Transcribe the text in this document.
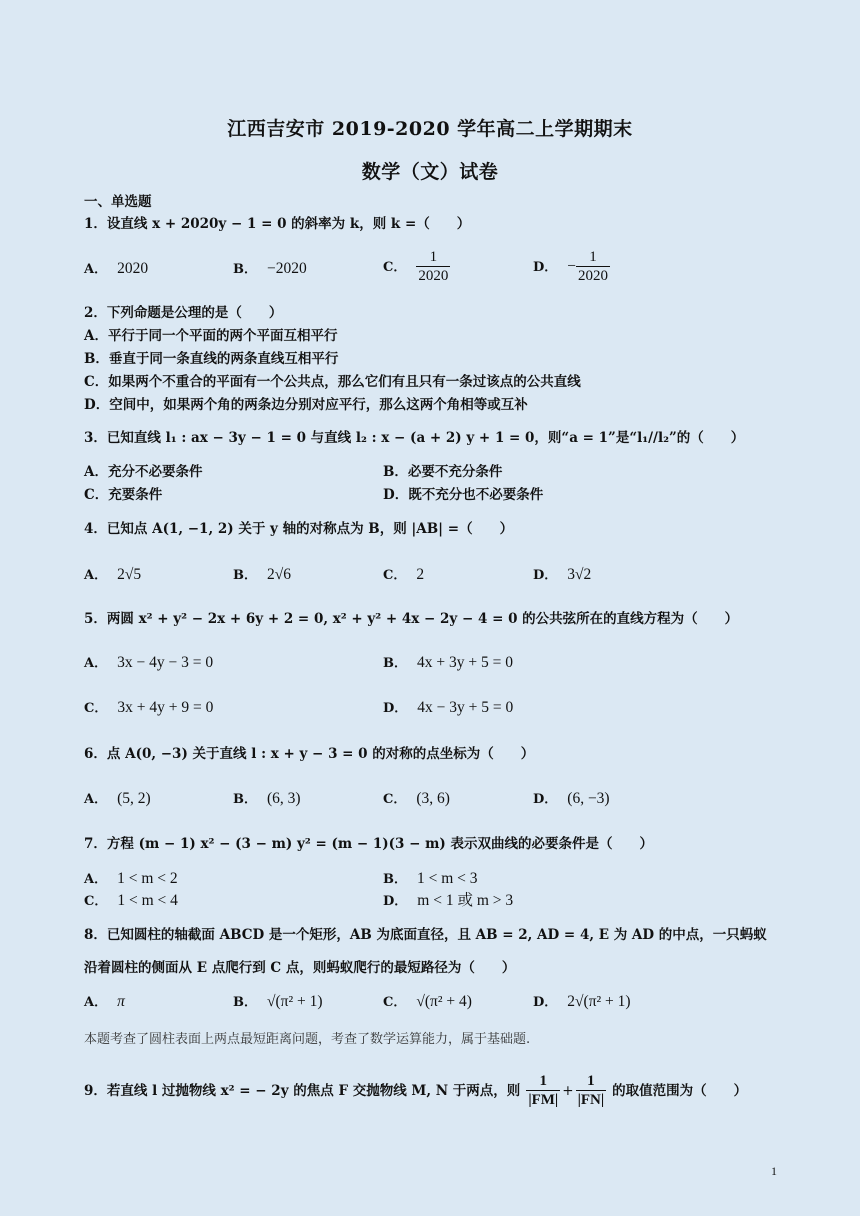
江西吉安市 2019-2020 学年高二上学期期末
数学（文）试卷
一、单选题
1．设直线 x + 2020y − 1 = 0 的斜率为 k，则 k =（　　）
A． 2020	B． −2020	C． $\frac{1}{2020}$	D． − $\frac{1}{2020}$
2．下列命题是公理的是（　　）
A．平行于同一个平面的两个平面互相平行
B．垂直于同一条直线的两条直线互相平行
C．如果两个不重合的平面有一个公共点，那么它们有且只有一条过该点的公共直线
D．空间中，如果两个角的两条边分别对应平行，那么这两个角相等或互补
3．已知直线 l₁ : ax − 3y − 1 = 0 与直线 l₂ : x − (a + 2) y + 1 = 0，则“a = 1”是“l₁//l₂”的（　　）
A．充分不必要条件	B．必要不充分条件
C．充要条件	D．既不充分也不必要条件
4．已知点 A(1, −1, 2) 关于 y 轴的对称点为 B，则 |AB| =（　　）
A． 2√5	B． 2√6	C． 2	D． 3√2
5．两圆 x² + y² − 2x + 6y + 2 = 0, x² + y² + 4x − 2y − 4 = 0 的公共弦所在的直线方程为（　　）
A． 3x − 4y − 3 = 0	B． 4x + 3y + 5 = 0
C． 3x + 4y + 9 = 0	D． 4x − 3y + 5 = 0
6．点 A(0, −3) 关于直线 l : x + y − 3 = 0 的对称的点坐标为（　　）
A． (5, 2)	B． (6, 3)	C． (3, 6)	D． (6, −3)
7．方程 (m − 1) x² − (3 − m) y² = (m − 1)(3 − m) 表示双曲线的必要条件是（　　）
A． 1 < m < 2	B． 1 < m < 3
C． 1 < m < 4	D． m < 1 或 m > 3
8．已知圆柱的轴截面 ABCD 是一个矩形，AB 为底面直径，且 AB = 2, AD = 4, E 为 AD 的中点，一只蚂蚁
沿着圆柱的侧面从 E 点爬行到 C 点，则蚂蚁爬行的最短路径为（　　）
A． π	B． √(π² + 1)	C． √(π² + 4)	D． 2√(π² + 1)
本题考查了圆柱表面上两点最短距离问题，考查了数学运算能力，属于基础题.
9．若直线 l 过抛物线 x² = − 2y 的焦点 F 交抛物线 M, N 于两点，则 $\frac{1}{|FM|} + \frac{1}{|FN|}$ 的取值范围为（　　）
1
